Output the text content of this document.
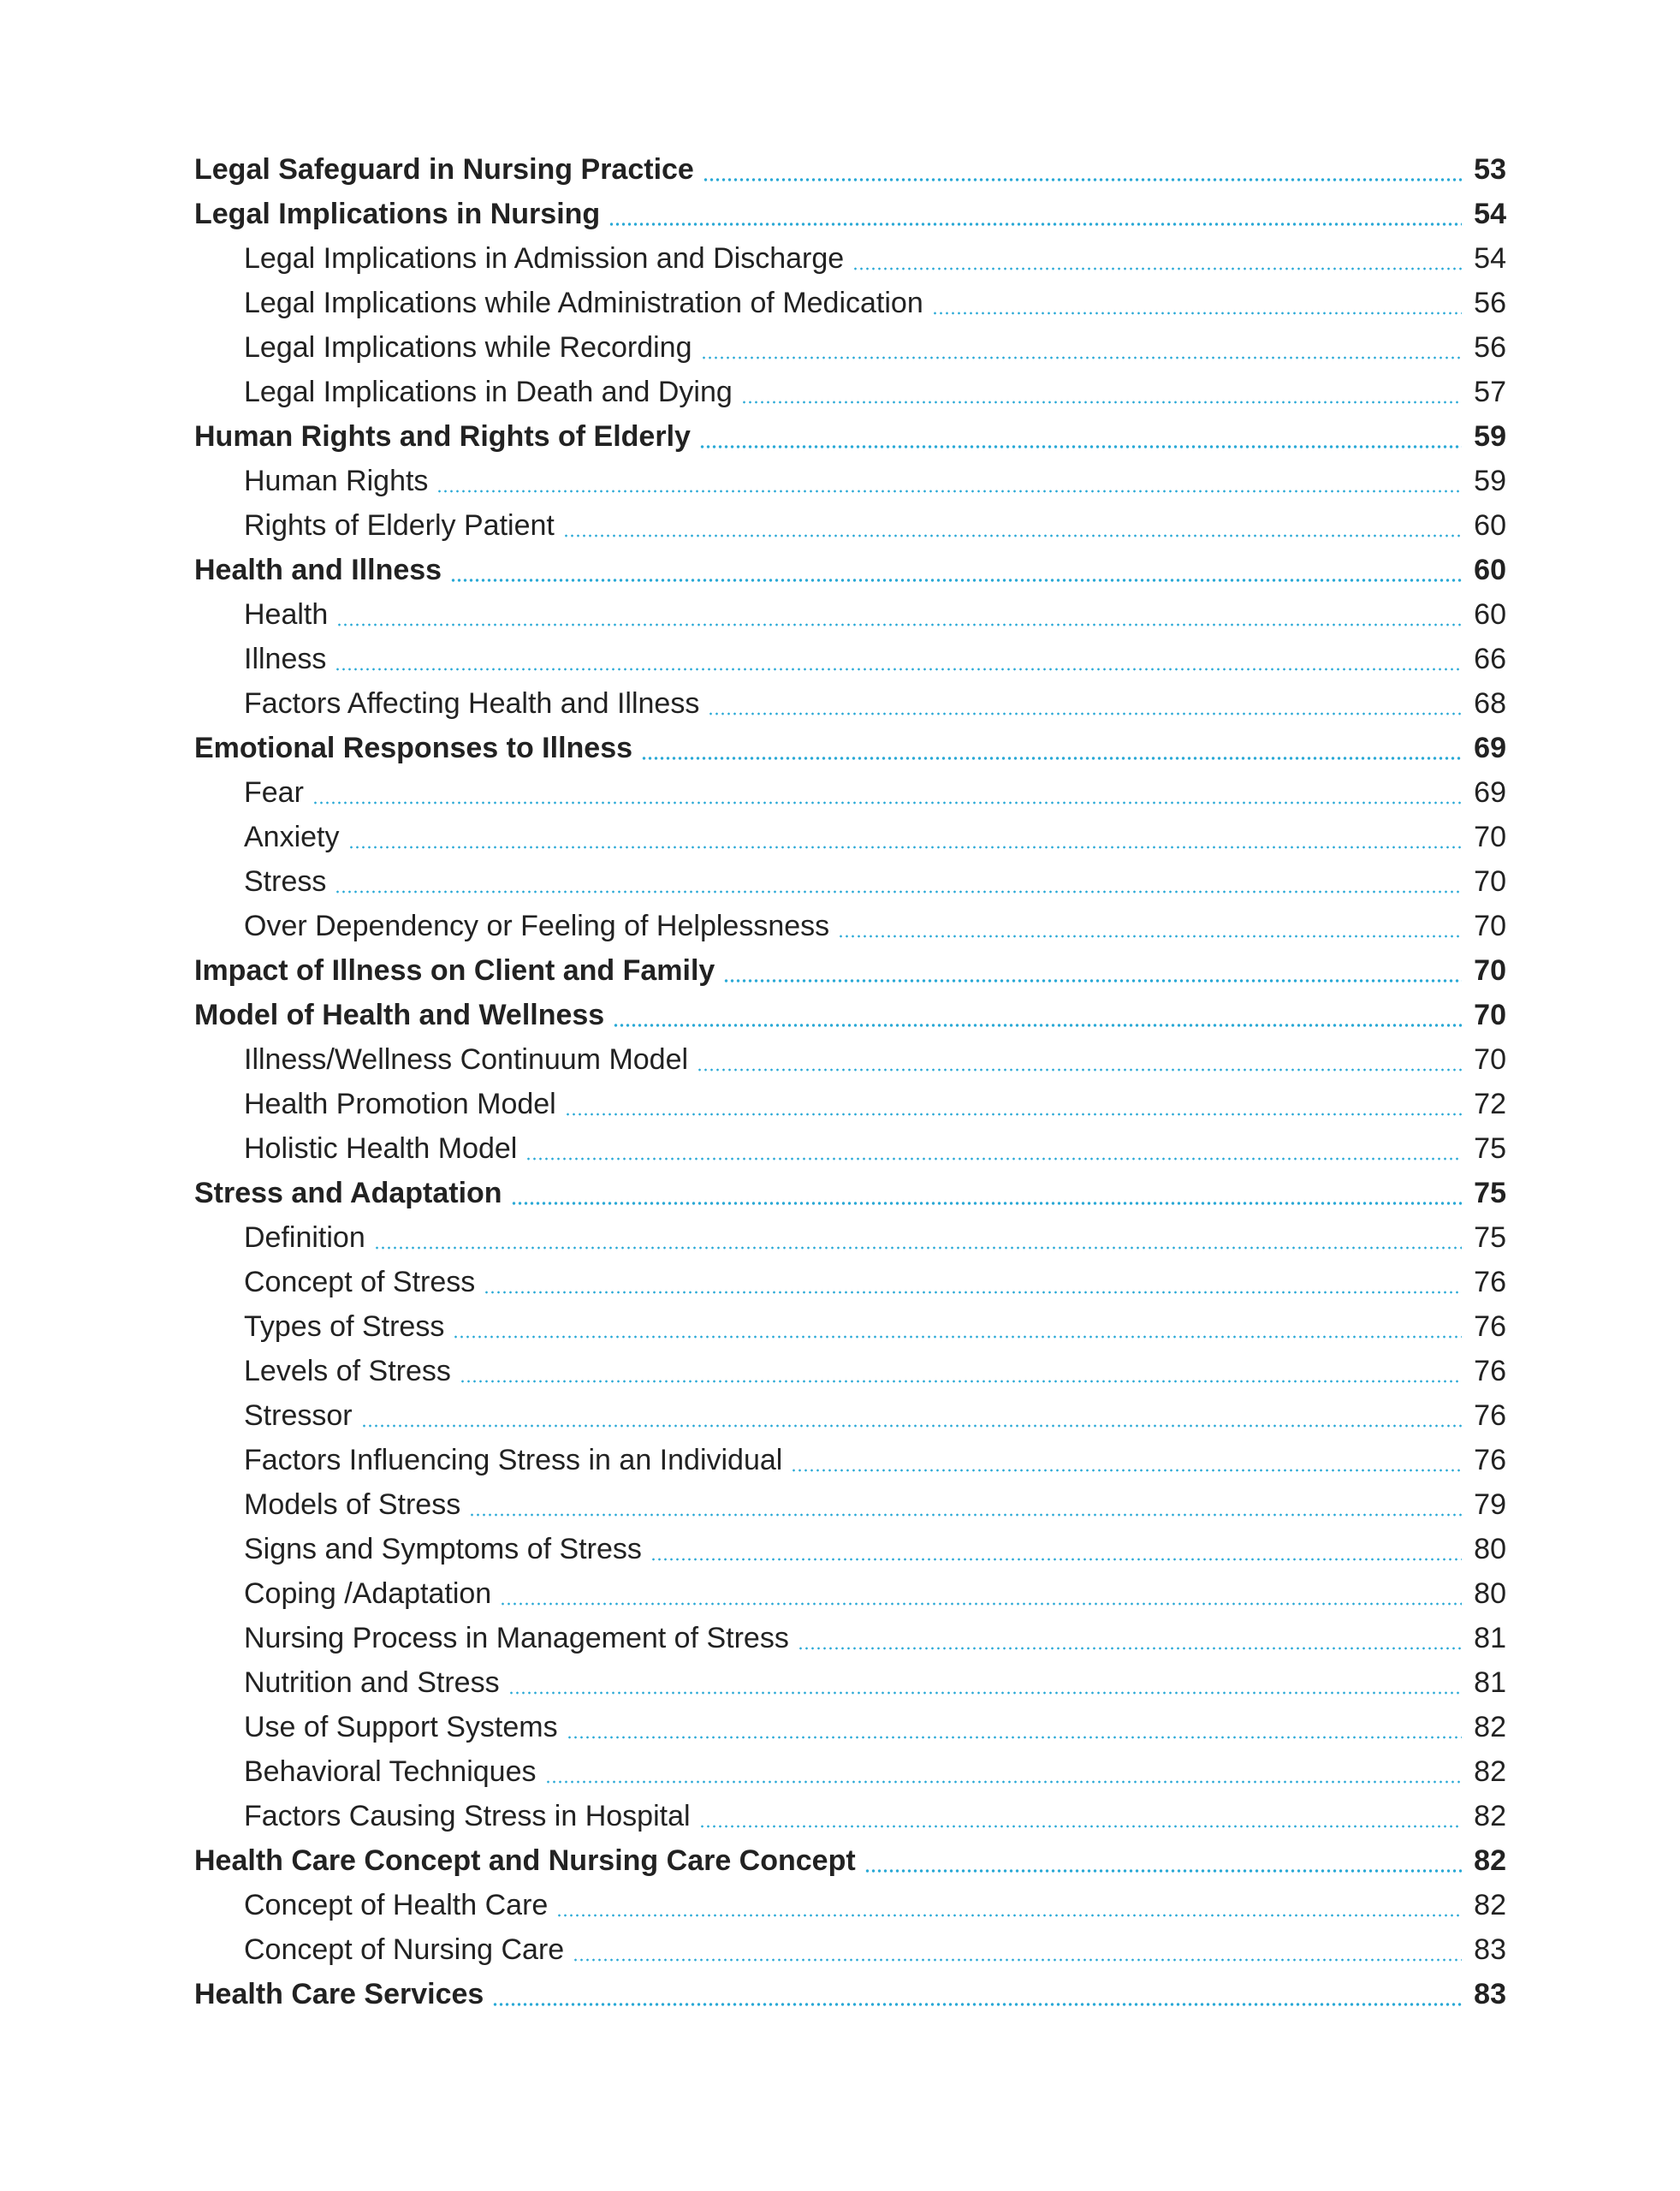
Legal Safeguard in Nursing Practice	53
Legal Implications in Nursing	54
Legal Implications in Admission and Discharge	54
Legal Implications while Administration of Medication	56
Legal Implications while Recording	56
Legal Implications in Death and Dying	57
Human Rights and Rights of Elderly	59
Human Rights	59
Rights of Elderly Patient	60
Health and Illness	60
Health	60
Illness	66
Factors Affecting Health and Illness	68
Emotional Responses to Illness	69
Fear	69
Anxiety	70
Stress	70
Over Dependency or Feeling of Helplessness	70
Impact of Illness on Client and Family	70
Model of Health and Wellness	70
Illness/Wellness Continuum Model	70
Health Promotion Model	72
Holistic Health Model	75
Stress and Adaptation	75
Definition	75
Concept of Stress	76
Types of Stress	76
Levels of Stress	76
Stressor	76
Factors Influencing Stress in an Individual	76
Models of Stress	79
Signs and Symptoms of Stress	80
Coping /Adaptation	80
Nursing Process in Management of Stress	81
Nutrition and Stress	81
Use of Support Systems	82
Behavioral Techniques	82
Factors Causing Stress in Hospital	82
Health Care Concept and Nursing Care Concept	82
Concept of Health Care	82
Concept of Nursing Care	83
Health Care Services	83
